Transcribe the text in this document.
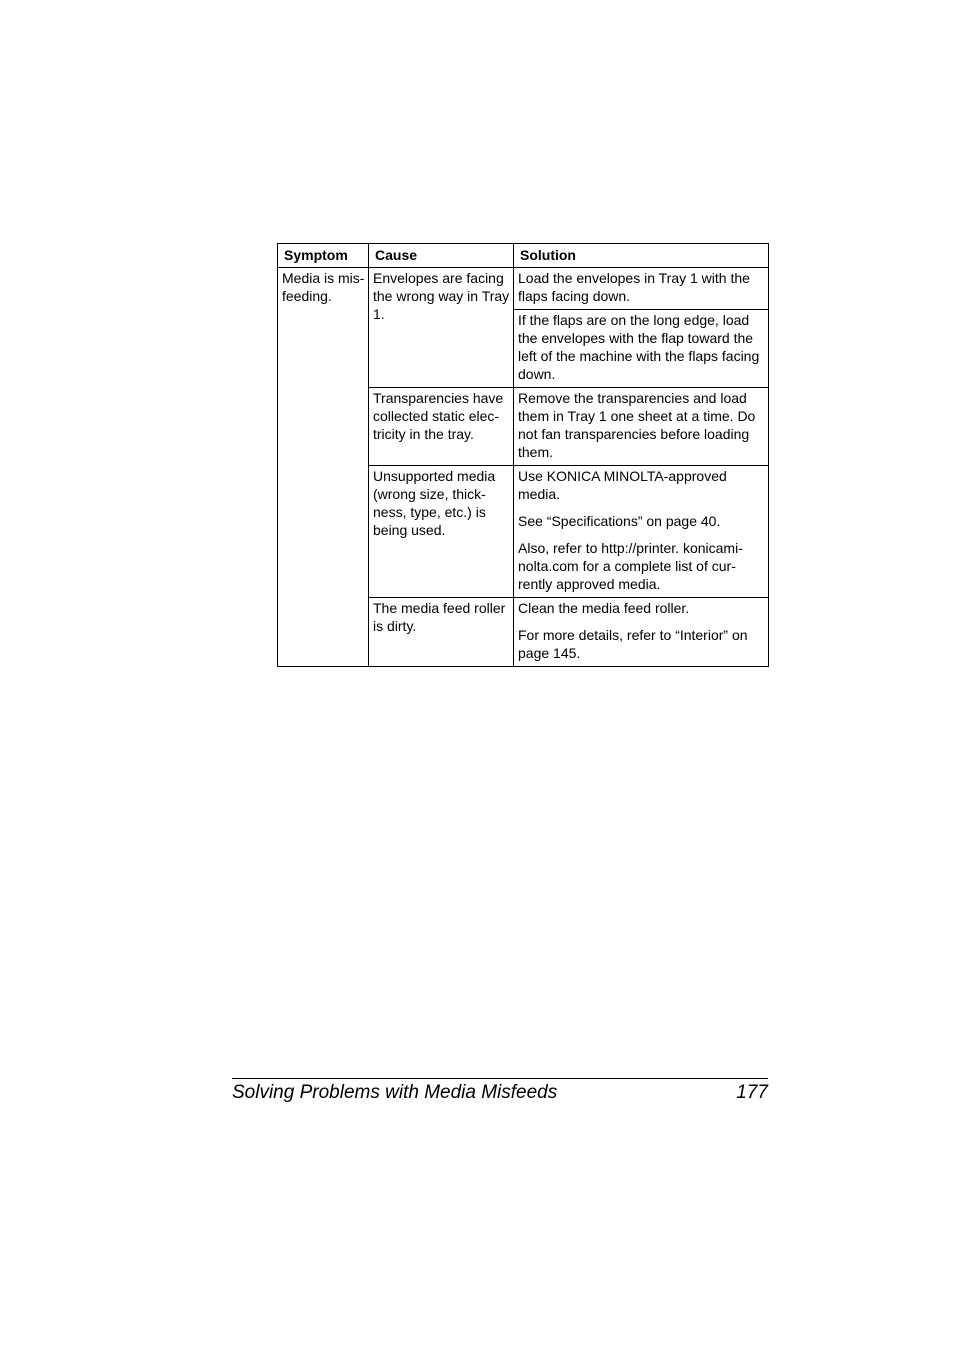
Symptom	Cause	Solution
Media is mis-feeding.	Envelopes are facing the wrong way in Tray 1.	Load the envelopes in Tray 1 with the flaps facing down.

		If the flaps are on the long edge, load the envelopes with the flap toward the left of the machine with the flaps facing down.

	Transparencies have collected static elec-tricity in the tray.	Remove the transparencies and load them in Tray 1 one sheet at a time. Do not fan transparencies before loading them.

	Unsupported media (wrong size, thick-ness, type, etc.) is being used.	Use KONICA MINOLTA-approved media.
See “Specifications” on page 40.
Also, refer to http://printer. konicami-nolta.com for a complete list of cur-rently approved media.

	The media feed roller is dirty.	Clean the media feed roller.
For more details, refer to “Interior” on page 145.

Solving Problems with Media Misfeeds	177
